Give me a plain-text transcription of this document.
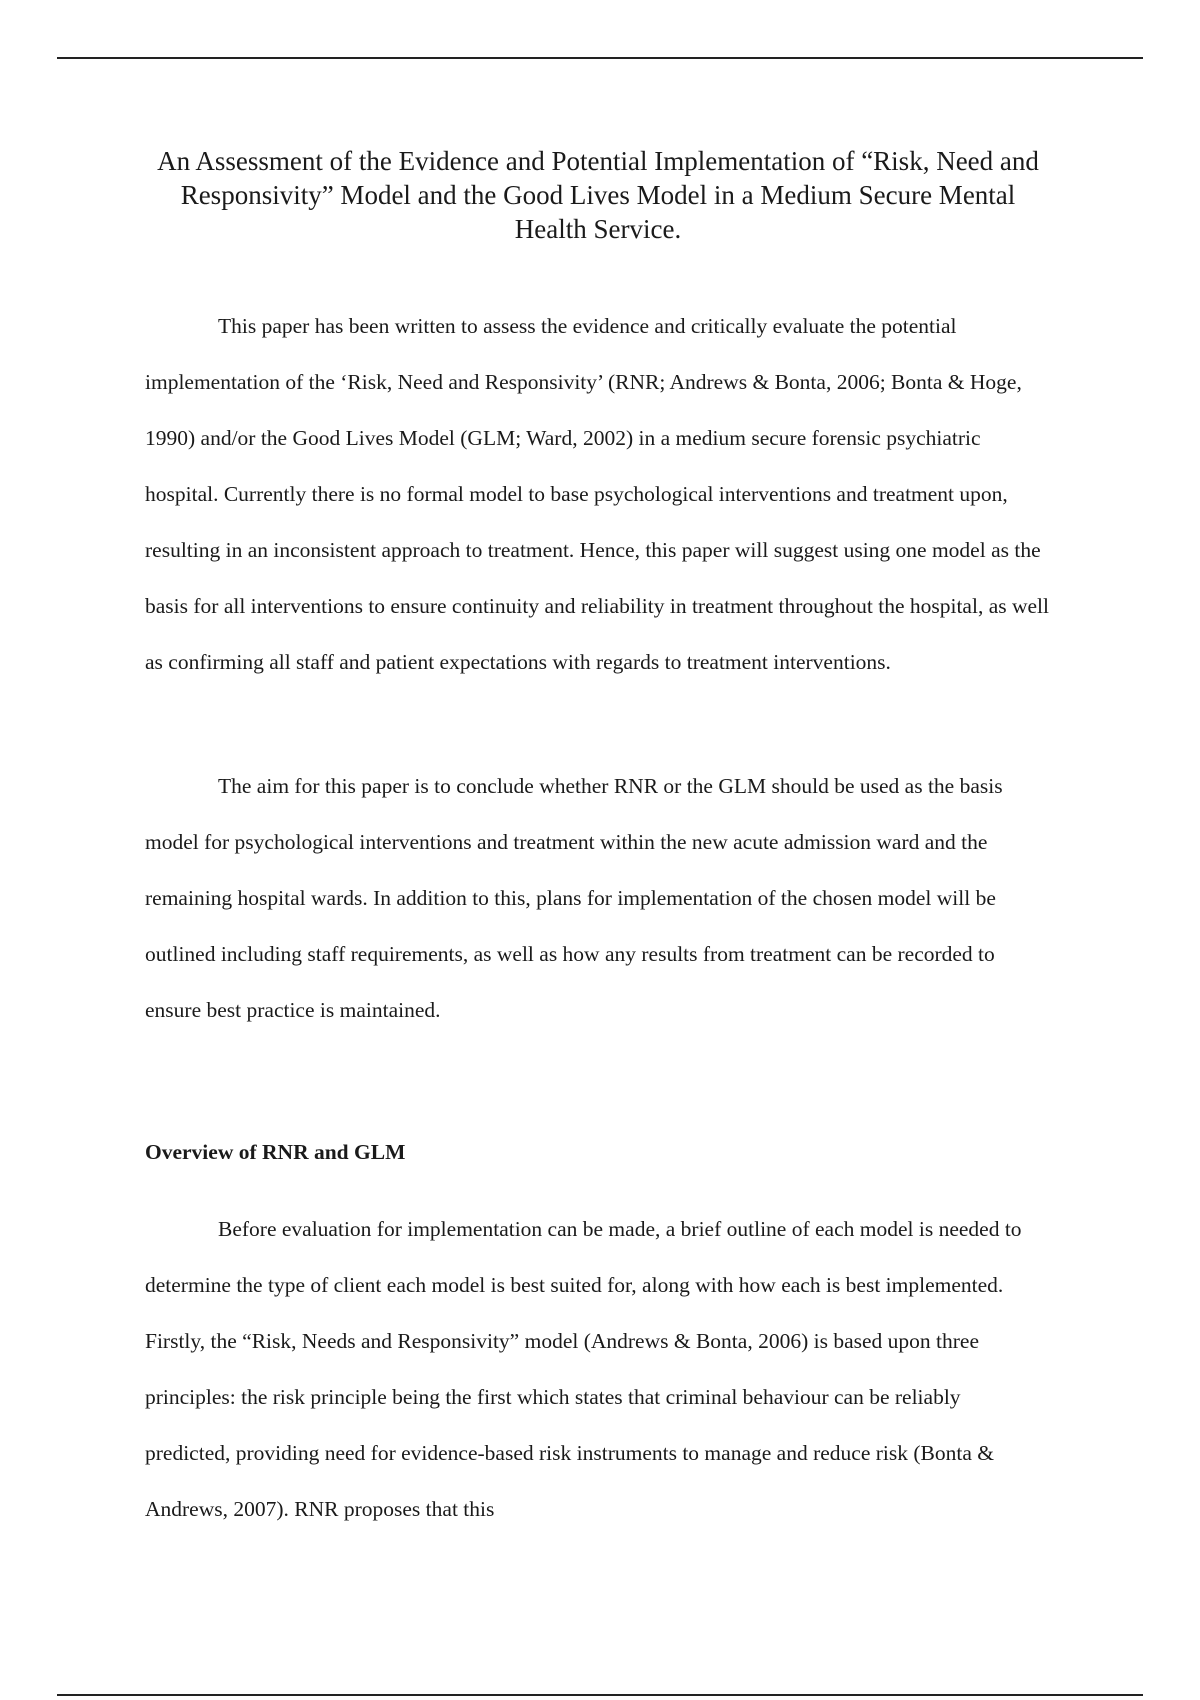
An Assessment of the Evidence and Potential Implementation of “Risk, Need and Responsivity” Model and the Good Lives Model in a Medium Secure Mental Health Service.

This paper has been written to assess the evidence and critically evaluate the potential implementation of the ‘Risk, Need and Responsivity’ (RNR; Andrews & Bonta, 2006; Bonta & Hoge, 1990) and/or the Good Lives Model (GLM; Ward, 2002) in a medium secure forensic psychiatric hospital. Currently there is no formal model to base psychological interventions and treatment upon, resulting in an inconsistent approach to treatment. Hence, this paper will suggest using one model as the basis for all interventions to ensure continuity and reliability in treatment throughout the hospital, as well as confirming all staff and patient expectations with regards to treatment interventions.

The aim for this paper is to conclude whether RNR or the GLM should be used as the basis model for psychological interventions and treatment within the new acute admission ward and the remaining hospital wards. In addition to this, plans for implementation of the chosen model will be outlined including staff requirements, as well as how any results from treatment can be recorded to ensure best practice is maintained.

Overview of RNR and GLM

Before evaluation for implementation can be made, a brief outline of each model is needed to determine the type of client each model is best suited for, along with how each is best implemented. Firstly, the “Risk, Needs and Responsivity” model (Andrews & Bonta, 2006) is based upon three principles: the risk principle being the first which states that criminal behaviour can be reliably predicted, providing need for evidence-based risk instruments to manage and reduce risk (Bonta & Andrews, 2007). RNR proposes that this
